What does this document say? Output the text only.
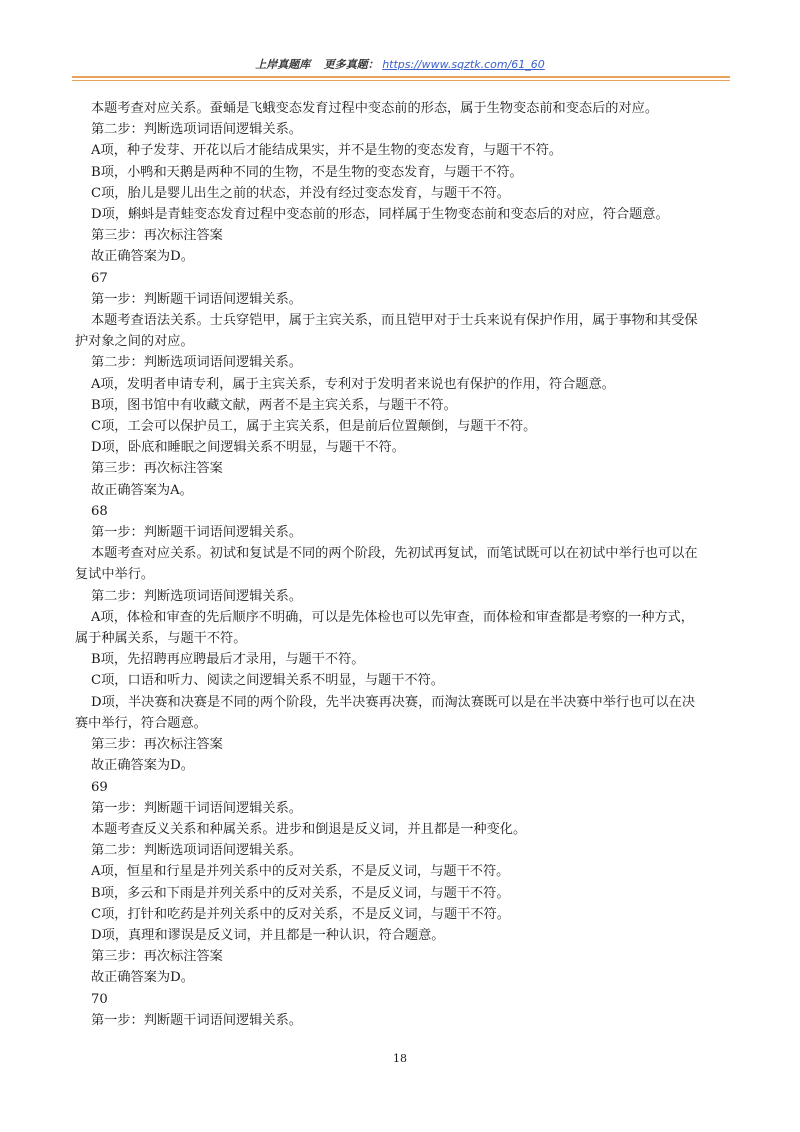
上岸真题库 更多真题： https://www.sqztk.com/61_60
本题考查对应关系。蚕蛹是飞蛾变态发育过程中变态前的形态，属于生物变态前和变态后的对应。
第二步：判断选项词语间逻辑关系。
A项，种子发芽、开花以后才能结成果实，并不是生物的变态发育，与题干不符。
B项，小鸭和天鹅是两种不同的生物，不是生物的变态发育，与题干不符。
C项，胎儿是婴儿出生之前的状态，并没有经过变态发育，与题干不符。
D项，蝌蚪是青蛙变态发育过程中变态前的形态，同样属于生物变态前和变态后的对应，符合题意。
第三步：再次标注答案
故正确答案为D。
67
第一步：判断题干词语间逻辑关系。
本题考查语法关系。士兵穿铠甲，属于主宾关系，而且铠甲对于士兵来说有保护作用，属于事物和其受保
护对象之间的对应。
第二步：判断选项词语间逻辑关系。
A项，发明者申请专利，属于主宾关系，专利对于发明者来说也有保护的作用，符合题意。
B项，图书馆中有收藏文献，两者不是主宾关系，与题干不符。
C项，工会可以保护员工，属于主宾关系，但是前后位置颠倒，与题干不符。
D项，卧底和睡眠之间逻辑关系不明显，与题干不符。
第三步：再次标注答案
故正确答案为A。
68
第一步：判断题干词语间逻辑关系。
本题考查对应关系。初试和复试是不同的两个阶段，先初试再复试，而笔试既可以在初试中举行也可以在
复试中举行。
第二步：判断选项词语间逻辑关系。
A项，体检和审查的先后顺序不明确，可以是先体检也可以先审查，而体检和审查都是考察的一种方式，
属于种属关系，与题干不符。
B项，先招聘再应聘最后才录用，与题干不符。
C项，口语和听力、阅读之间逻辑关系不明显，与题干不符。
D项，半决赛和决赛是不同的两个阶段，先半决赛再决赛，而淘汰赛既可以是在半决赛中举行也可以在决
赛中举行，符合题意。
第三步：再次标注答案
故正确答案为D。
69
第一步：判断题干词语间逻辑关系。
本题考查反义关系和种属关系。进步和倒退是反义词，并且都是一种变化。
第二步：判断选项词语间逻辑关系。
A项，恒星和行星是并列关系中的反对关系，不是反义词，与题干不符。
B项，多云和下雨是并列关系中的反对关系，不是反义词，与题干不符。
C项，打针和吃药是并列关系中的反对关系，不是反义词，与题干不符。
D项，真理和谬误是反义词，并且都是一种认识，符合题意。
第三步：再次标注答案
故正确答案为D。
70
第一步：判断题干词语间逻辑关系。
18
